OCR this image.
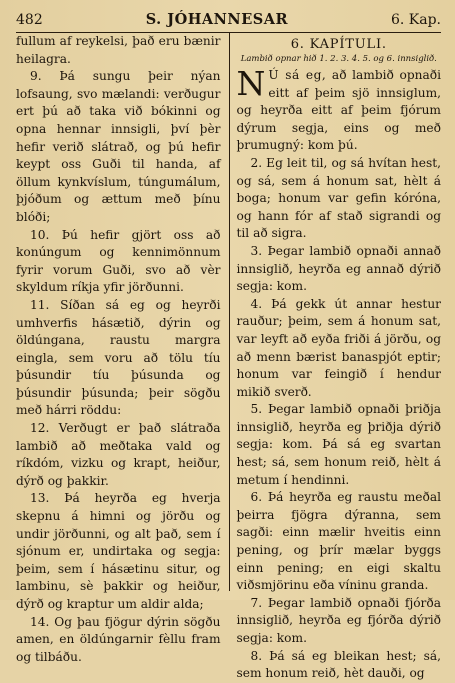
482	S. JÓHANNESAR	6. Kap.

fullum af reykelsi, það eru bænir heilagra.

9. Þá sungu þeir nýan lofsaung, svo mælandi: verðugur ert þú að taka við bókinni og opna hennar innsigli, því þèr hefir verið slátrað, og þú hefir keypt oss Guði til handa, af öllum kynkvíslum, túngumálum, þjóðum og ættum með þínu blóði;

10. Þú hefir gjört oss að konúngum og kennimönnum fyrir vorum Guði, svo að vèr skyldum ríkja yfir jörðunni.

11. Síðan sá eg og heyrði umhverfis hásætið, dýrin og öldúngana, raustu margra eingla, sem voru að tölu tíu þúsundir tíu þúsunda og þúsundir þúsunda; þeir sögðu með hárri röddu:

12. Verðugt er það slátraða lambið að meðtaka vald og ríkdóm, vizku og krapt, heiður, dýrð og þakkir.

13. Þá heyrða eg hverja skepnu á himni og jörðu og undir jörðunni, og alt það, sem í sjónum er, undirtaka og segja: þeim, sem í hásætinu situr, og lambinu, sè þakkir og heiður, dýrð og kraptur um aldir alda;

14. Og þau fjögur dýrin sögðu amen, en öldúngarnir fèllu fram og tilbáðu.

6. KAPÍTULI.
Lambið opnar hið 1. 2. 3. 4. 5. og 6. innsiglið.

N Ú sá eg, að lambið opnaði eitt af þeim sjö innsiglum, og heyrða eitt af þeim fjórum dýrum segja, eins og með þrumugný: kom þú.

2. Eg leit til, og sá hvítan hest, og sá, sem á honum sat, hèlt á boga; honum var gefin kóróna, og hann fór af stað sigrandi og til að sigra.

3. Þegar lambið opnaði annað innsiglið, heyrða eg annað dýrið segja: kom.

4. Þá gekk út annar hestur rauður; þeim, sem á honum sat, var leyft að eyða friði á jörðu, og að menn bærist banaspjót eptir; honum var feingið í hendur mikið sverð.

5. Þegar lambið opnaði þriðja innsiglið, heyrða eg þriðja dýrið segja: kom. Þá sá eg svartan hest; sá, sem honum reið, hèlt á metum í hendinni.

6. Þá heyrða eg raustu meðal þeirra fjögra dýranna, sem sagði: einn mælir hveitis einn pening, og þrír mælar byggs einn pening; en eigi skaltu viðsmjörinu eða víninu granda.

7. Þegar lambið opnaði fjórða innsiglið, heyrða eg fjórða dýrið segja: kom.

8. Þá sá eg bleikan hest; sá, sem honum reið, hèt dauði, og
